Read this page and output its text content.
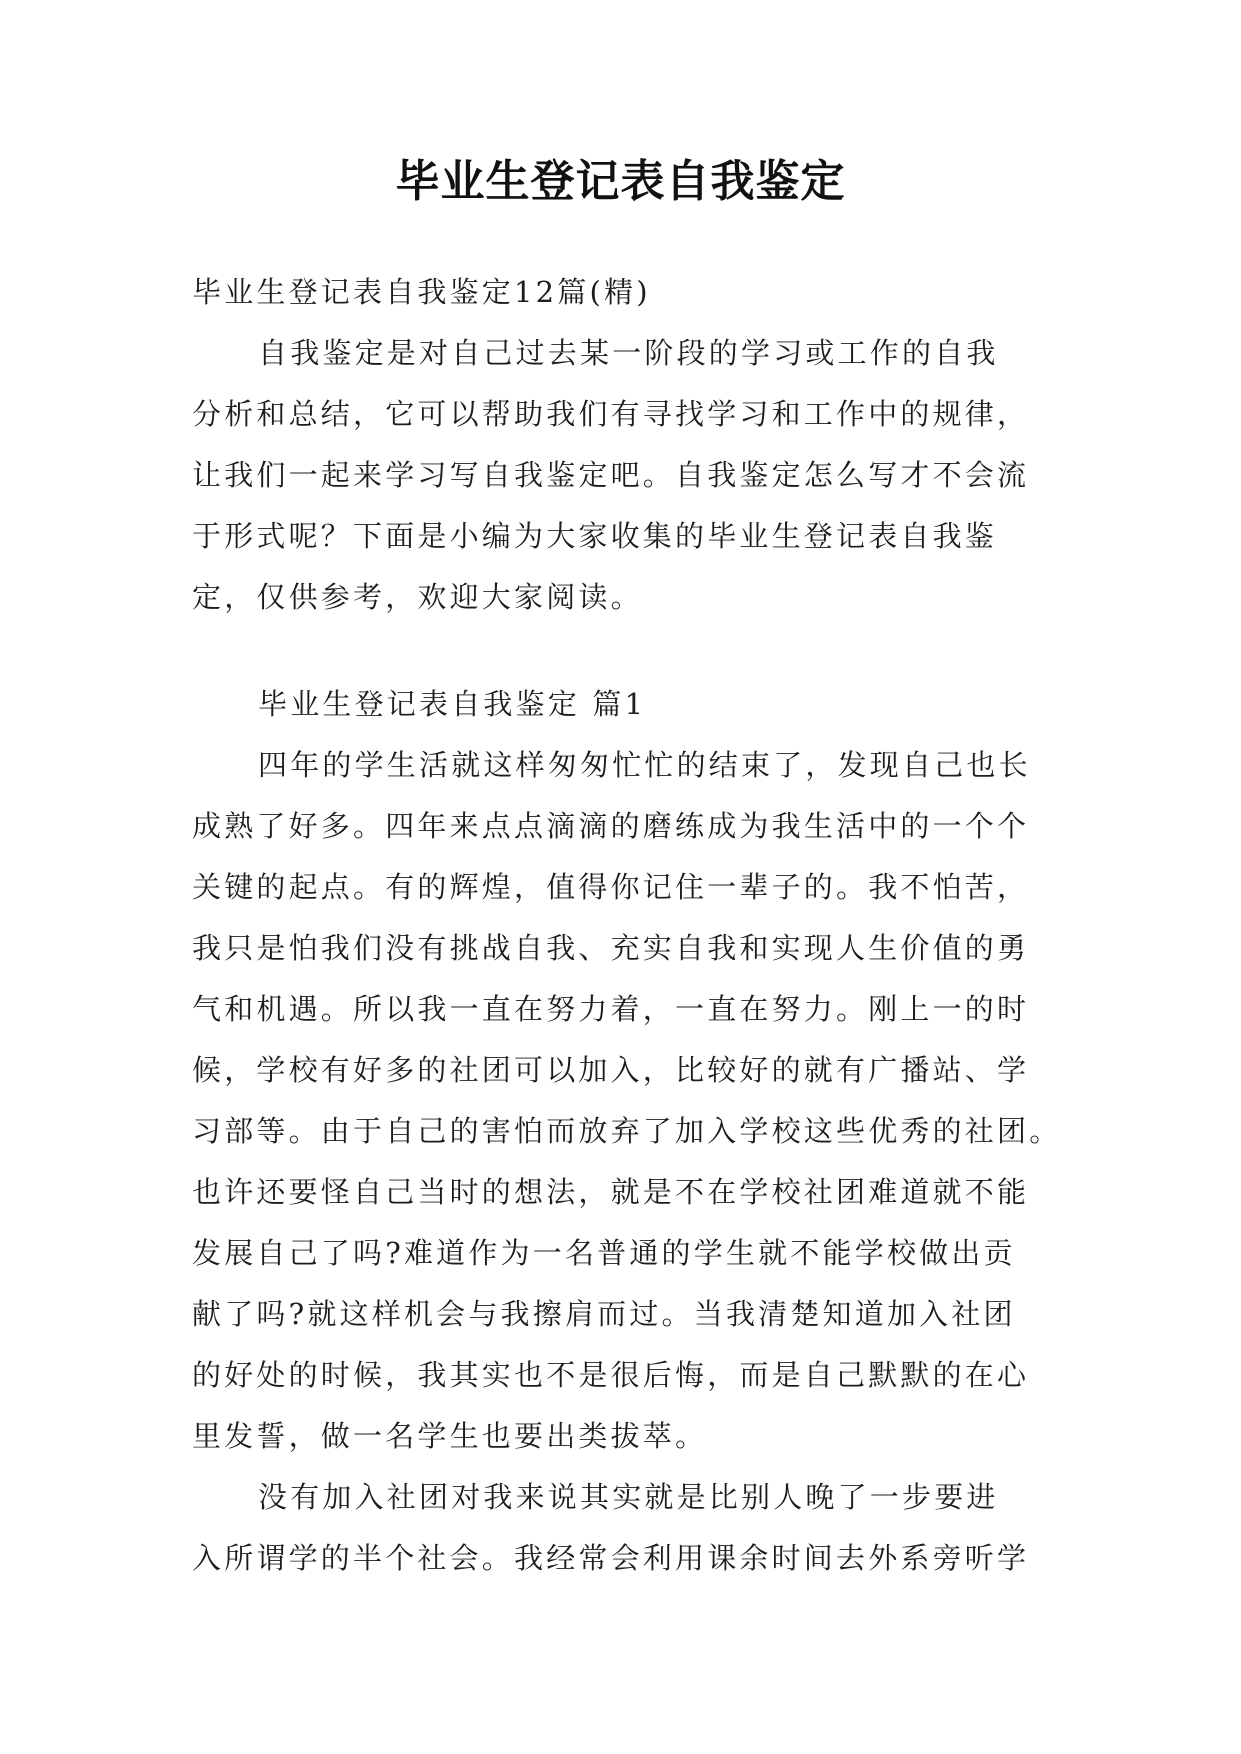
毕业生登记表自我鉴定
毕业生登记表自我鉴定12篇(精)
自我鉴定是对自己过去某一阶段的学习或工作的自我
分析和总结，它可以帮助我们有寻找学习和工作中的规律，
让我们一起来学习写自我鉴定吧。自我鉴定怎么写才不会流
于形式呢？下面是小编为大家收集的毕业生登记表自我鉴
定，仅供参考，欢迎大家阅读。
毕业生登记表自我鉴定 篇1
四年的学生活就这样匆匆忙忙的结束了，发现自己也长
成熟了好多。四年来点点滴滴的磨练成为我生活中的一个个
关键的起点。有的辉煌，值得你记住一辈子的。我不怕苦，
我只是怕我们没有挑战自我、充实自我和实现人生价值的勇
气和机遇。所以我一直在努力着，一直在努力。刚上一的时
候，学校有好多的社团可以加入，比较好的就有广播站、学
习部等。由于自己的害怕而放弃了加入学校这些优秀的社团。
也许还要怪自己当时的想法，就是不在学校社团难道就不能
发展自己了吗?难道作为一名普通的学生就不能学校做出贡
献了吗?就这样机会与我擦肩而过。当我清楚知道加入社团
的好处的时候，我其实也不是很后悔，而是自己默默的在心
里发誓，做一名学生也要出类拔萃。
没有加入社团对我来说其实就是比别人晚了一步要进
入所谓学的半个社会。我经常会利用课余时间去外系旁听学
